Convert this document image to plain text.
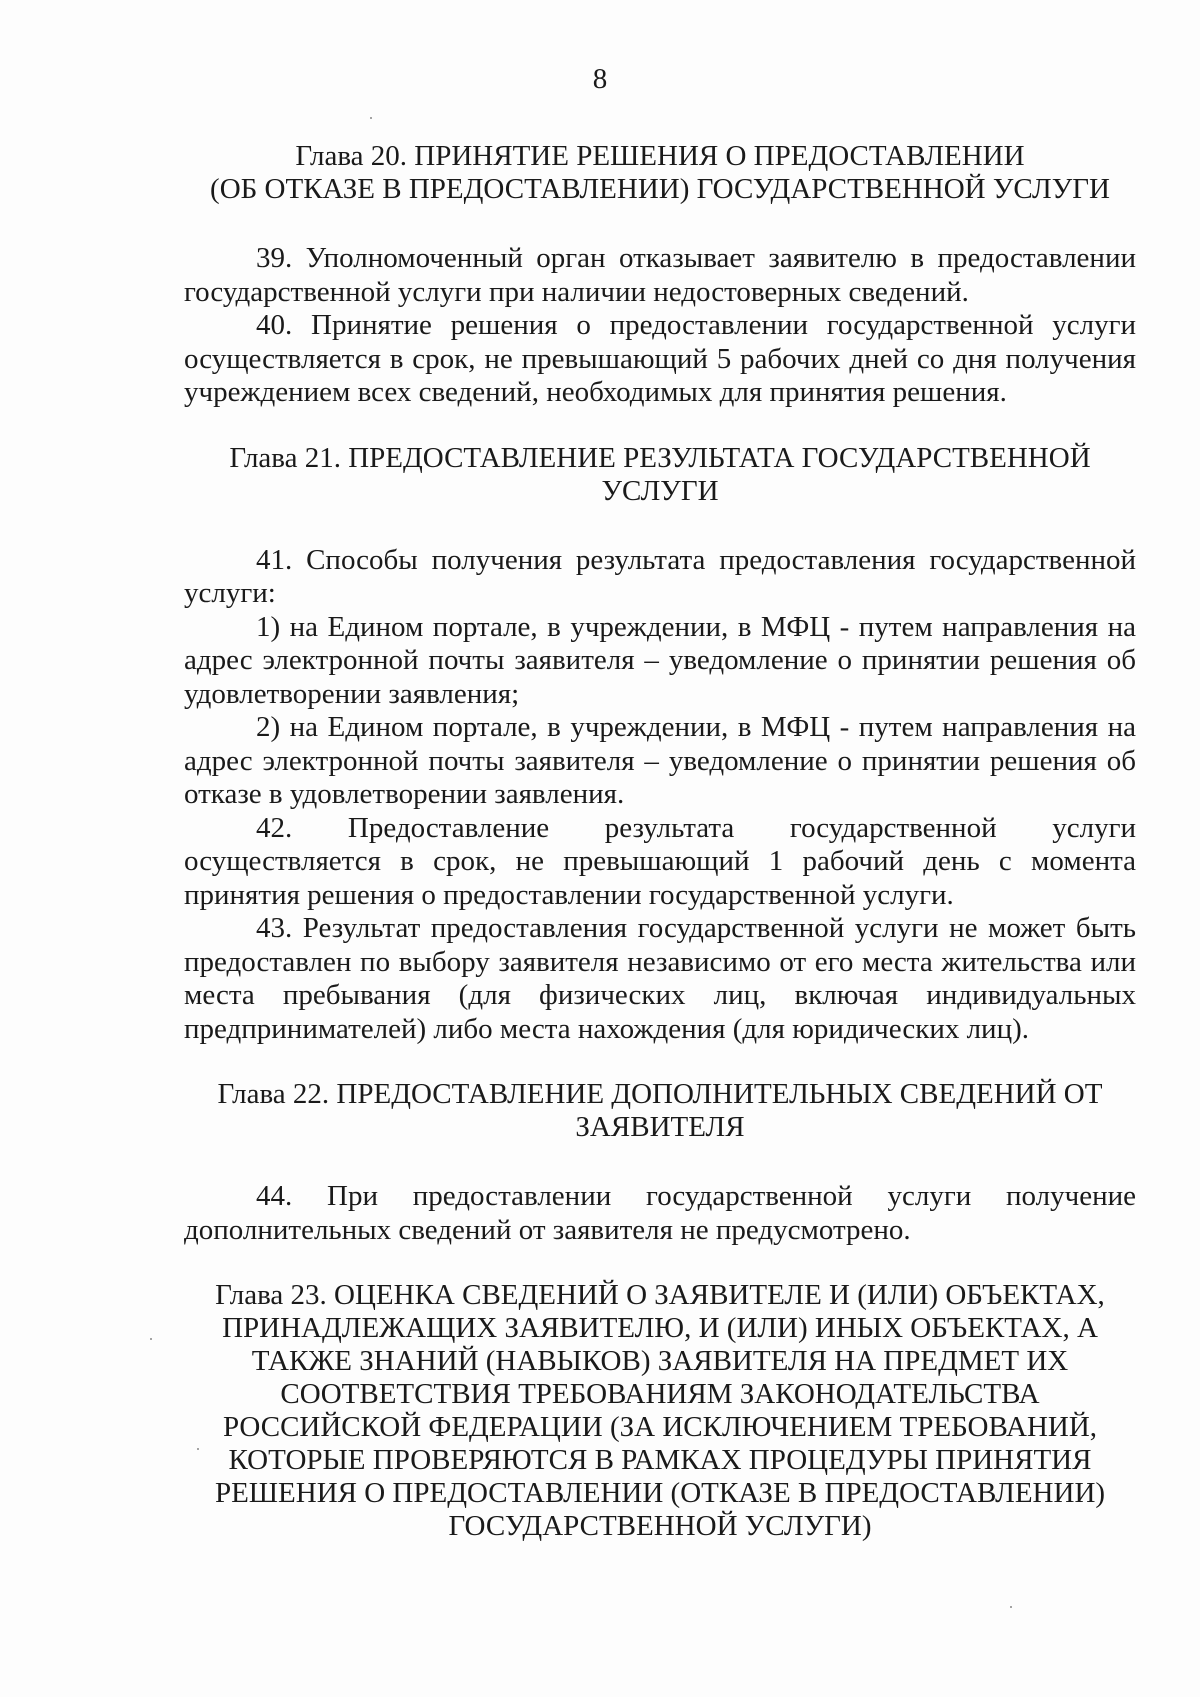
8
Глава 20. ПРИНЯТИЕ РЕШЕНИЯ О ПРЕДОСТАВЛЕНИИ
(ОБ ОТКАЗЕ В ПРЕДОСТАВЛЕНИИ) ГОСУДАРСТВЕННОЙ УСЛУГИ

39. Уполномоченный орган отказывает заявителю в предоставлении государственной услуги при наличии недостоверных сведений.

40. Принятие решения о предоставлении государственной услуги осуществляется в срок, не превышающий 5 рабочих дней со дня получения учреждением всех сведений, необходимых для принятия решения.

Глава 21. ПРЕДОСТАВЛЕНИЕ РЕЗУЛЬТАТА ГОСУДАРСТВЕННОЙ
УСЛУГИ

41. Способы получения результата предоставления государственной услуги:

1) на Едином портале, в учреждении, в МФЦ - путем направления на адрес электронной почты заявителя – уведомление о принятии решения об удовлетворении заявления;

2) на Едином портале, в учреждении, в МФЦ - путем направления на адрес электронной почты заявителя – уведомление о принятии решения об отказе в удовлетворении заявления.

42. Предоставление результата государственной услуги осуществляется в срок, не превышающий 1 рабочий день с момента принятия решения о предоставлении государственной услуги.

43. Результат предоставления государственной услуги не может быть предоставлен по выбору заявителя независимо от его места жительства или места пребывания (для физических лиц, включая индивидуальных предпринимателей) либо места нахождения (для юридических лиц).

Глава 22. ПРЕДОСТАВЛЕНИЕ ДОПОЛНИТЕЛЬНЫХ СВЕДЕНИЙ ОТ
ЗАЯВИТЕЛЯ

44. При предоставлении государственной услуги получение дополнительных сведений от заявителя не предусмотрено.

Глава 23. ОЦЕНКА СВЕДЕНИЙ О ЗАЯВИТЕЛЕ И (ИЛИ) ОБЪЕКТАХ,
ПРИНАДЛЕЖАЩИХ ЗАЯВИТЕЛЮ, И (ИЛИ) ИНЫХ ОБЪЕКТАХ, А
ТАКЖЕ ЗНАНИЙ (НАВЫКОВ) ЗАЯВИТЕЛЯ НА ПРЕДМЕТ ИХ
СООТВЕТСТВИЯ ТРЕБОВАНИЯМ ЗАКОНОДАТЕЛЬСТВА
РОССИЙСКОЙ ФЕДЕРАЦИИ (ЗА ИСКЛЮЧЕНИЕМ ТРЕБОВАНИЙ,
КОТОРЫЕ ПРОВЕРЯЮТСЯ В РАМКАХ ПРОЦЕДУРЫ ПРИНЯТИЯ
РЕШЕНИЯ О ПРЕДОСТАВЛЕНИИ (ОТКАЗЕ В ПРЕДОСТАВЛЕНИИ)
ГОСУДАРСТВЕННОЙ УСЛУГИ)
